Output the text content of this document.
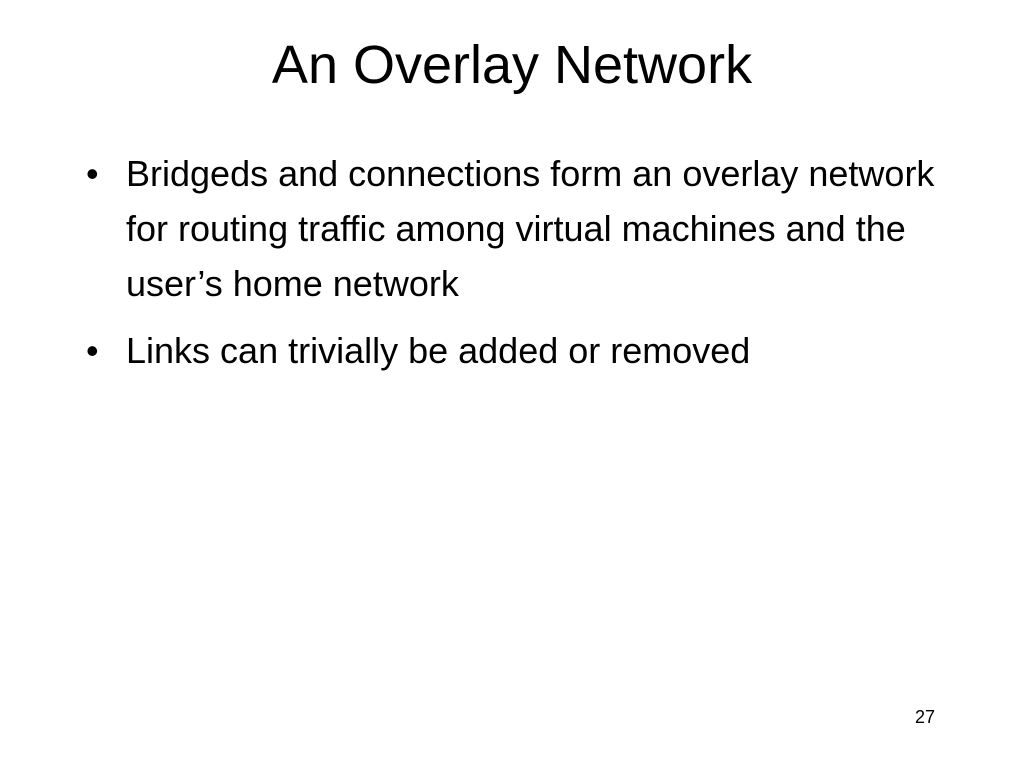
An Overlay Network
• Bridgeds and connections form an overlay network for routing traffic among virtual machines and the user’s home network
• Links can trivially be added or removed
27
